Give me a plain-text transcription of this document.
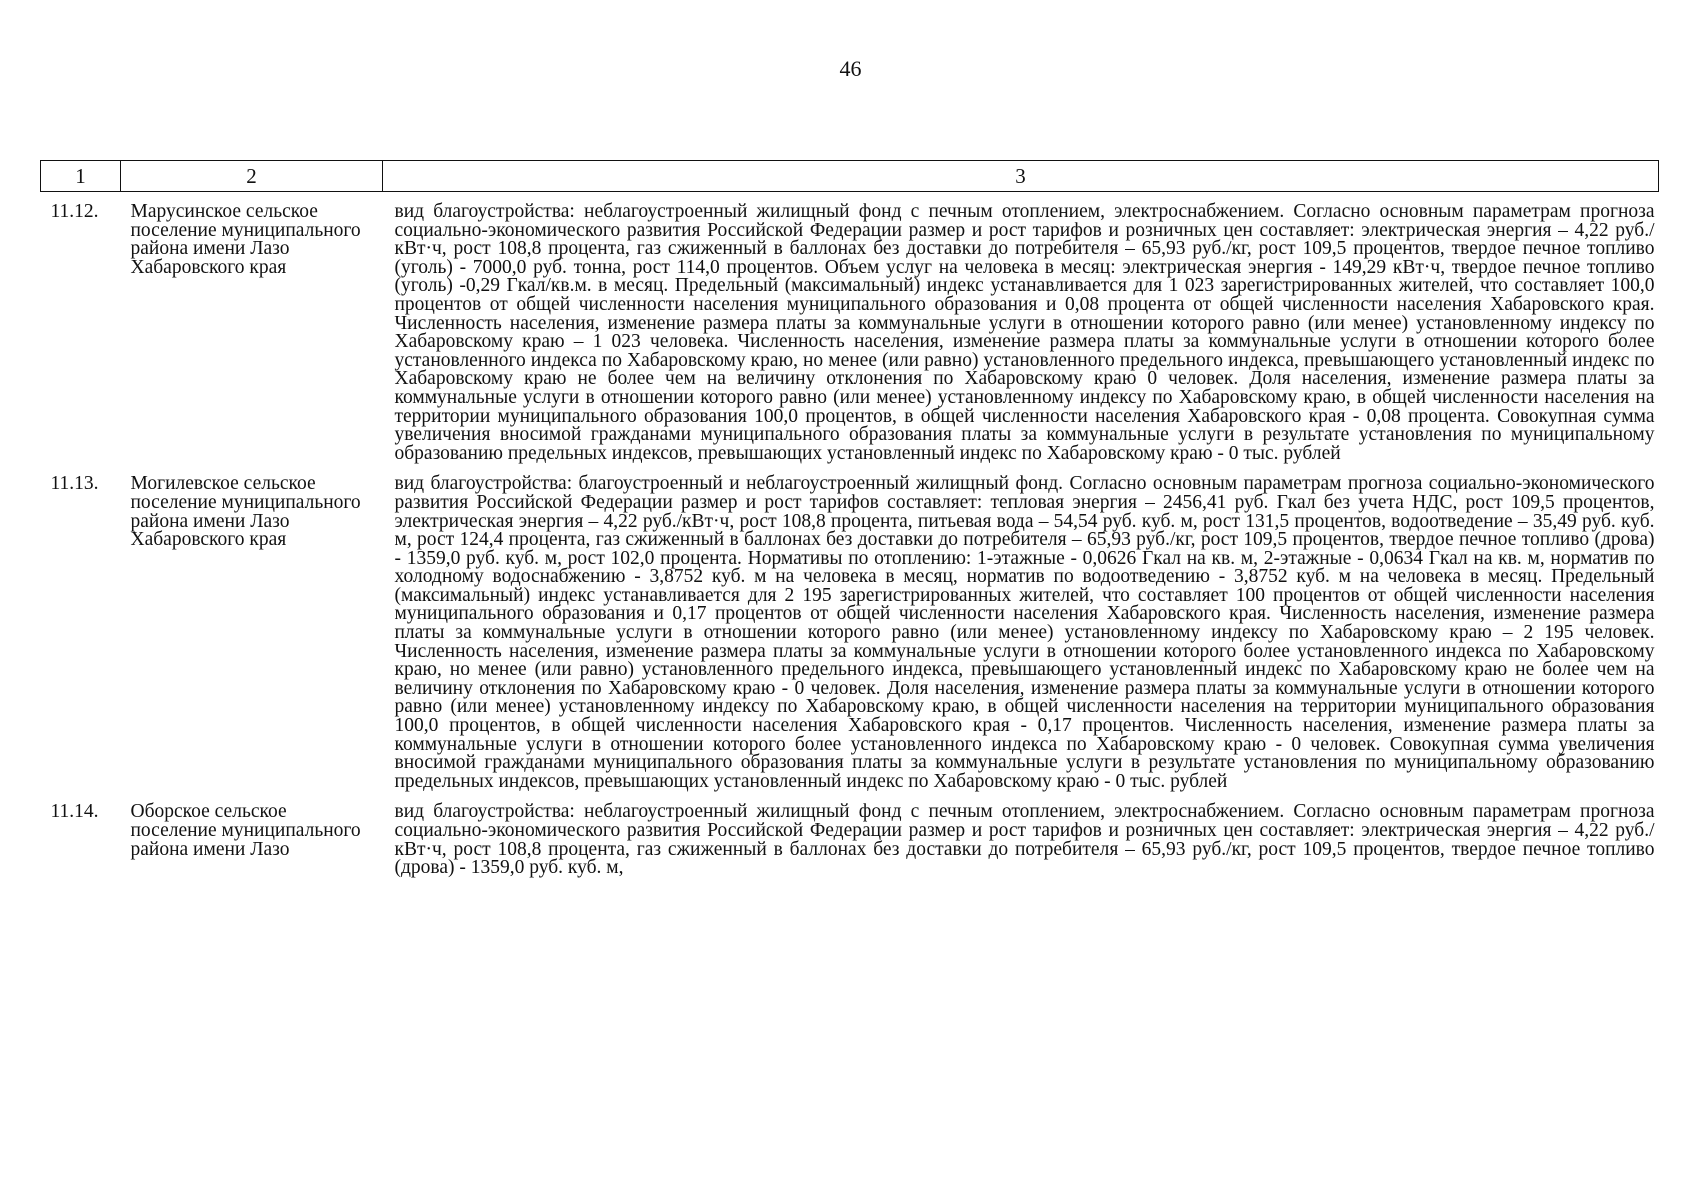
46
1	2	3
11.12.	Марусинское сельское поселение муниципального района имени Лазо Хабаровского края	вид благоустройства: неблагоустроенный жилищный фонд с печным отоплением, электроснабжением. Согласно основным параметрам прогноза социально-экономического развития Российской Федерации размер и рост тарифов и розничных цен составляет: электрическая энергия – 4,22 руб./кВт·ч, рост 108,8 процента, газ сжиженный в баллонах без доставки до потребителя – 65,93 руб./кг, рост 109,5 процентов, твердое печное топливо (уголь) - 7000,0 руб. тонна, рост 114,0 процентов. Объем услуг на человека в месяц: электрическая энергия - 149,29 кВт·ч, твердое печное топливо (уголь) -0,29 Гкал/кв.м. в месяц. Предельный (максимальный) индекс устанавливается для 1 023 зарегистрированных жителей, что составляет 100,0 процентов от общей численности населения муниципального образования и 0,08 процента от общей численности населения Хабаровского края. Численность населения, изменение размера платы за коммунальные услуги в отношении которого равно (или менее) установленному индексу по Хабаровскому краю – 1 023 человека. Численность населения, изменение размера платы за коммунальные услуги в отношении которого более установленного индекса по Хабаровскому краю, но менее (или равно) установленного предельного индекса, превышающего установленный индекс по Хабаровскому краю не более чем на величину отклонения по Хабаровскому краю 0 человек. Доля населения, изменение размера платы за коммунальные услуги в отношении которого равно (или менее) установленному индексу по Хабаровскому краю, в общей численности населения на территории муниципального образования 100,0 процентов, в общей численности населения Хабаровского края - 0,08 процента. Совокупная сумма увеличения вносимой гражданами муниципального образования платы за коммунальные услуги в результате установления по муниципальному образованию предельных индексов, превышающих установленный индекс по Хабаровскому краю - 0 тыс. рублей

11.13.	Могилевское сельское поселение муниципального района имени Лазо Хабаровского края	вид благоустройства: благоустроенный и неблагоустроенный жилищный фонд. Согласно основным параметрам прогноза социально-экономического развития Российской Федерации размер и рост тарифов составляет: тепловая энергия – 2456,41 руб. Гкал без учета НДС, рост 109,5 процентов, электрическая энергия – 4,22 руб./кВт·ч, рост 108,8 процента, питьевая вода – 54,54 руб. куб. м, рост 131,5 процентов, водоотведение – 35,49 руб. куб. м, рост 124,4 процента, газ сжиженный в баллонах без доставки до потребителя – 65,93 руб./кг, рост 109,5 процентов, твердое печное топливо (дрова) - 1359,0 руб. куб. м, рост 102,0 процента. Нормативы по отоплению: 1-этажные - 0,0626 Гкал на кв. м, 2-этажные - 0,0634 Гкал на кв. м, норматив по холодному водоснабжению - 3,8752 куб. м на человека в месяц, норматив по водоотведению - 3,8752 куб. м на человека в месяц. Предельный (максимальный) индекс устанавливается для 2 195 зарегистрированных жителей, что составляет 100 процентов от общей численности населения муниципального образования и 0,17 процентов от общей численности населения Хабаровского края. Численность населения, изменение размера платы за коммунальные услуги в отношении которого равно (или менее) установленному индексу по Хабаровскому краю – 2 195 человек. Численность населения, изменение размера платы за коммунальные услуги в отношении которого более установленного индекса по Хабаровскому краю, но менее (или равно) установленного предельного индекса, превышающего установленный индекс по Хабаровскому краю не более чем на величину отклонения по Хабаровскому краю - 0 человек. Доля населения, изменение размера платы за коммунальные услуги в отношении которого равно (или менее) установленному индексу по Хабаровскому краю, в общей численности населения на территории муниципального образования 100,0 процентов, в общей численности населения Хабаровского края - 0,17 процентов. Численность населения, изменение размера платы за коммунальные услуги в отношении которого более установленного индекса по Хабаровскому краю - 0 человек. Совокупная сумма увеличения вносимой гражданами муниципального образования платы за коммунальные услуги в результате установления по муниципальному образованию предельных индексов, превышающих установленный индекс по Хабаровскому краю - 0 тыс. рублей

11.14.	Оборское сельское поселение муниципального района имени Лазо	вид благоустройства: неблагоустроенный жилищный фонд с печным отоплением, электроснабжением. Согласно основным параметрам прогноза социально-экономического развития Российской Федерации размер и рост тарифов и розничных цен составляет: электрическая энергия – 4,22 руб./кВт·ч, рост 108,8 процента, газ сжиженный в баллонах без доставки до потребителя – 65,93 руб./кг, рост 109,5 процентов, твердое печное топливо (дрова) - 1359,0 руб. куб. м,
